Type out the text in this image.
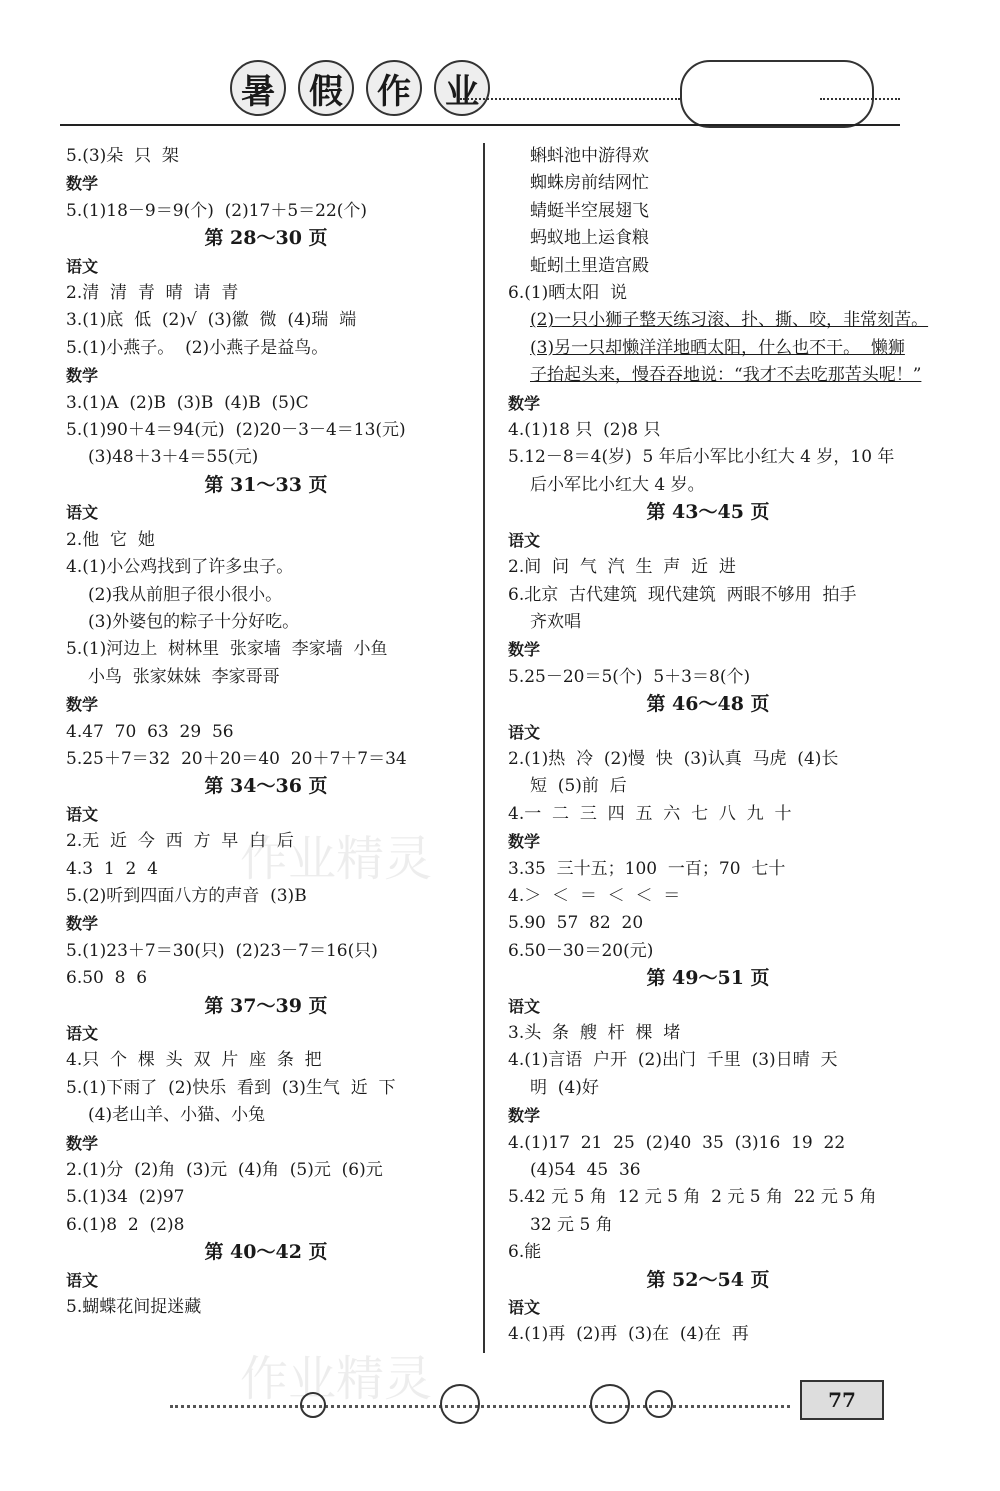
暑	假	作	业
5.(3)朵  只  架
数学
5.(1)18－9＝9(个)  (2)17＋5＝22(个)
第 28～30 页
语文
2.清  清  青  晴  请  青
3.(1)底  低  (2)√  (3)徽  微  (4)瑞  端
5.(1)小燕子。  (2)小燕子是益鸟。
数学
3.(1)A  (2)B  (3)B  (4)B  (5)C
5.(1)90＋4＝94(元)  (2)20－3－4＝13(元)
(3)48＋3＋4＝55(元)
第 31～33 页
语文
2.他  它  她
4.(1)小公鸡找到了许多虫子。
(2)我从前胆子很小很小。
(3)外婆包的粽子十分好吃。
5.(1)河边上  树林里  张家墙  李家墙  小鱼
小鸟  张家妹妹  李家哥哥
数学
4.47  70  63  29  56
5.25＋7＝32  20＋20＝40  20＋7＋7＝34
第 34～36 页
语文
2.无  近  今  西  方  早  白  后
4.3  1  2  4
5.(2)听到四面八方的声音  (3)B
数学
5.(1)23＋7＝30(只)  (2)23－7＝16(只)
6.50  8  6
第 37～39 页
语文
4.只  个  棵  头  双  片  座  条  把
5.(1)下雨了  (2)快乐  看到  (3)生气  近  下
(4)老山羊、小猫、小兔
数学
2.(1)分  (2)角  (3)元  (4)角  (5)元  (6)元
5.(1)34  (2)97
6.(1)8  2  (2)8
第 40～42 页
语文
5.蝴蝶花间捉迷藏
蝌蚪池中游得欢
蜘蛛房前结网忙
蜻蜓半空展翅飞
蚂蚁地上运食粮
蚯蚓土里造宫殿
6.(1)晒太阳  说
(2)一只小狮子整天练习滚、扑、撕、咬，非常刻苦。
(3)另一只却懒洋洋地晒太阳，什么也不干。  懒狮
子抬起头来，慢吞吞地说：“我才不去吃那苦头呢！”
数学
4.(1)18 只  (2)8 只
5.12－8＝4(岁)  5 年后小军比小红大 4 岁，10 年
后小军比小红大 4 岁。
第 43～45 页
语文
2.间  问  气  汽  生  声  近  进
6.北京  古代建筑  现代建筑  两眼不够用  拍手
齐欢唱
数学
5.25－20＝5(个)  5＋3＝8(个)
第 46～48 页
语文
2.(1)热  冷  (2)慢  快  (3)认真  马虎  (4)长
短  (5)前  后
4.一  二  三  四  五  六  七  八  九  十
数学
3.35  三十五；100  一百；70  七十
4.＞  ＜  ＝  ＜  ＜  ＝
5.90  57  82  20
6.50－30＝20(元)
第 49～51 页
语文
3.头  条  艘  杆  棵  堵
4.(1)言语  户开  (2)出门  千里  (3)日晴  天
明  (4)好
数学
4.(1)17  21  25  (2)40  35  (3)16  19  22
(4)54  45  36
5.42 元 5 角  12 元 5 角  2 元 5 角  22 元 5 角
32 元 5 角
6.能
第 52～54 页
语文
4.(1)再  (2)再  (3)在  (4)在  再
77
作业精灵
作业精灵
